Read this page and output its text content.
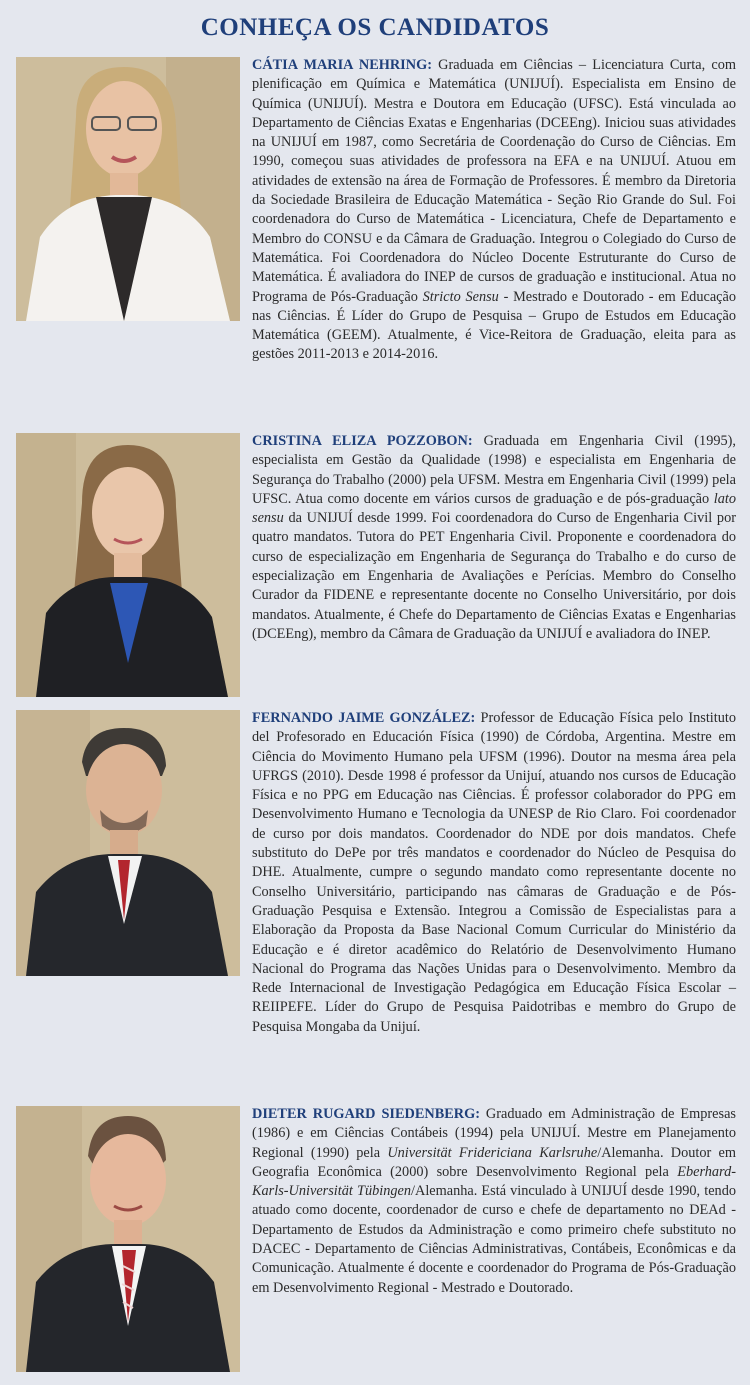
CONHEÇA OS CANDIDATOS

CÁTIA MARIA NEHRING: Graduada em Ciências – Licenciatura Curta, com plenificação em Química e Matemática (UNIJUÍ). Especialista em Ensino de Química (UNIJUÍ). Mestra e Doutora em Educação (UFSC). Está vinculada ao Departamento de Ciências Exatas e Engenharias (DCEEng). Iniciou suas atividades na UNIJUÍ em 1987, como Secretária de Coordenação do Curso de Ciências. Em 1990, começou suas atividades de professora na EFA e na UNIJUÍ. Atuou em atividades de extensão na área de Formação de Professores. É membro da Diretoria da Sociedade Brasileira de Educação Matemática - Seção Rio Grande do Sul. Foi coordenadora do Curso de Matemática - Licenciatura, Chefe de Departamento e Membro do CONSU e da Câmara de Graduação. Integrou o Colegiado do Curso de Matemática. Foi Coordenadora do Núcleo Docente Estruturante do Curso de Matemática. É avaliadora do INEP de cursos de graduação e institucional. Atua no Programa de Pós-Graduação Stricto Sensu - Mestrado e Doutorado - em Educação nas Ciências. É Líder do Grupo de Pesquisa – Grupo de Estudos em Educação Matemática (GEEM). Atualmente, é Vice-Reitora de Graduação, eleita para as gestões 2011-2013 e 2014-2016.

CRISTINA ELIZA POZZOBON: Graduada em Engenharia Civil (1995), especialista em Gestão da Qualidade (1998) e especialista em Engenharia de Segurança do Trabalho (2000) pela UFSM. Mestra em Engenharia Civil (1999) pela UFSC. Atua como docente em vários cursos de graduação e de pós-graduação lato sensu da UNIJUÍ desde 1999. Foi coordenadora do Curso de Engenharia Civil por quatro mandatos. Tutora do PET Engenharia Civil. Proponente e coordenadora do curso de especialização em Engenharia de Segurança do Trabalho e do curso de especialização em Engenharia de Avaliações e Perícias. Membro do Conselho Curador da FIDENE e representante docente no Conselho Universitário, por dois mandatos. Atualmente, é Chefe do Departamento de Ciências Exatas e Engenharias (DCEEng), membro da Câmara de Graduação da UNIJUÍ e avaliadora do INEP.

FERNANDO JAIME GONZÁLEZ: Professor de Educação Física pelo Instituto del Profesorado en Educación Física (1990) de Córdoba, Argentina. Mestre em Ciência do Movimento Humano pela UFSM (1996). Doutor na mesma área pela UFRGS (2010). Desde 1998 é professor da Unijuí, atuando nos cursos de Educação Física e no PPG em Educação nas Ciências. É professor colaborador do PPG em Desenvolvimento Humano e Tecnologia da UNESP de Rio Claro. Foi coordenador de curso por dois mandatos. Coordenador do NDE por dois mandatos. Chefe substituto do DePe por três mandatos e coordenador do Núcleo de Pesquisa do DHE. Atualmente, cumpre o segundo mandato como representante docente no Conselho Universitário, participando nas câmaras de Graduação e de Pós-Graduação Pesquisa e Extensão. Integrou a Comissão de Especialistas para a Elaboração da Proposta da Base Nacional Comum Curricular do Ministério da Educação e é diretor acadêmico do Relatório de Desenvolvimento Humano Nacional do Programa das Nações Unidas para o Desenvolvimento. Membro da Rede Internacional de Investigação Pedagógica em Educação Física Escolar – REIIPEFE. Líder do Grupo de Pesquisa Paidotribas e membro do Grupo de Pesquisa Mongaba da Unijuí.

DIETER RUGARD SIEDENBERG: Graduado em Administração de Empresas (1986) e em Ciências Contábeis (1994) pela UNIJUÍ. Mestre em Planejamento Regional (1990) pela Universität Fridericiana Karlsruhe/Alemanha. Doutor em Geografia Econômica (2000) sobre Desenvolvimento Regional pela Eberhard-Karls-Universität Tübingen/Alemanha. Está vinculado à UNIJUÍ desde 1990, tendo atuado como docente, coordenador de curso e chefe de departamento no DEAd - Departamento de Estudos da Administração e como primeiro chefe substituto no DACEC - Departamento de Ciências Administrativas, Contábeis, Econômicas e da Comunicação. Atualmente é docente e coordenador do Programa de Pós-Graduação em Desenvolvimento Regional - Mestrado e Doutorado.
